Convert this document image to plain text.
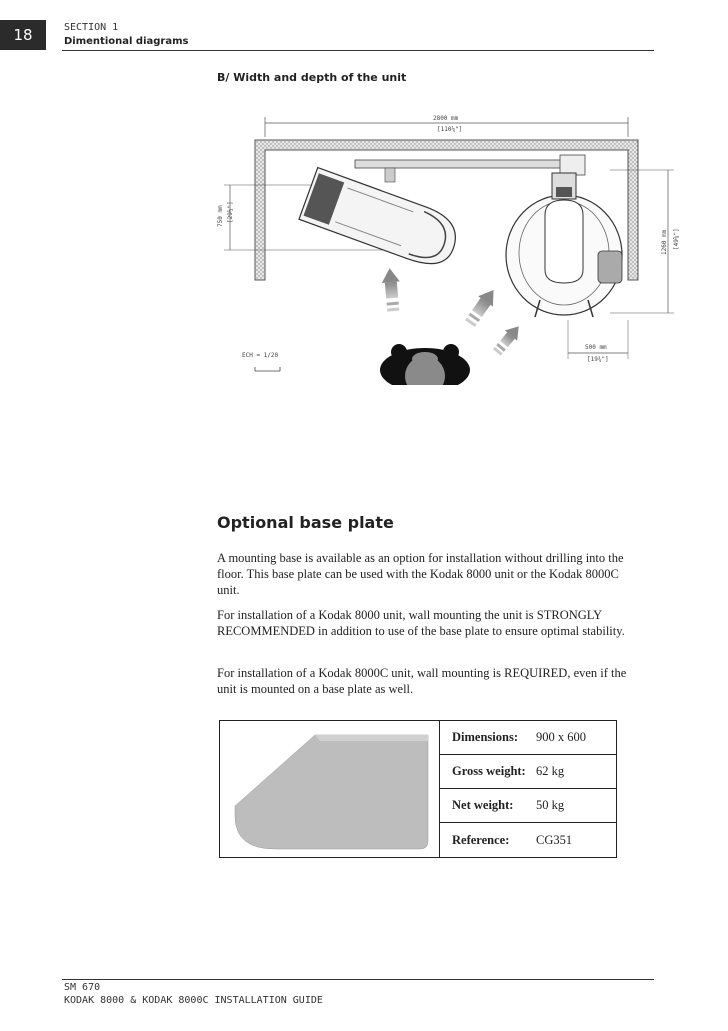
18	SECTION 1
Dimentional diagrams
B/ Width and depth of the unit
2800 mm
[110¼"]
750 mm [29½"]
1260 mm [49⅝"]
500 mm
[19¾"]
ECH = 1/20
Optional base plate

A mounting base is available as an option for installation without drilling into the floor. This base plate can be used with the Kodak 8000 unit or the Kodak 8000C unit.

For installation of a Kodak 8000 unit, wall mounting the unit is STRONGLY RECOMMENDED in addition to use of the base plate to ensure optimal stability.

For installation of a Kodak 8000C unit, wall mounting is REQUIRED, even if the unit is mounted on a base plate as well.

Dimensions:	900 x 600
Gross weight: 62 kg
Net weight:	50 kg
Reference:	CG351
SM 670
KODAK 8000 & KODAK 8000C INSTALLATION GUIDE
